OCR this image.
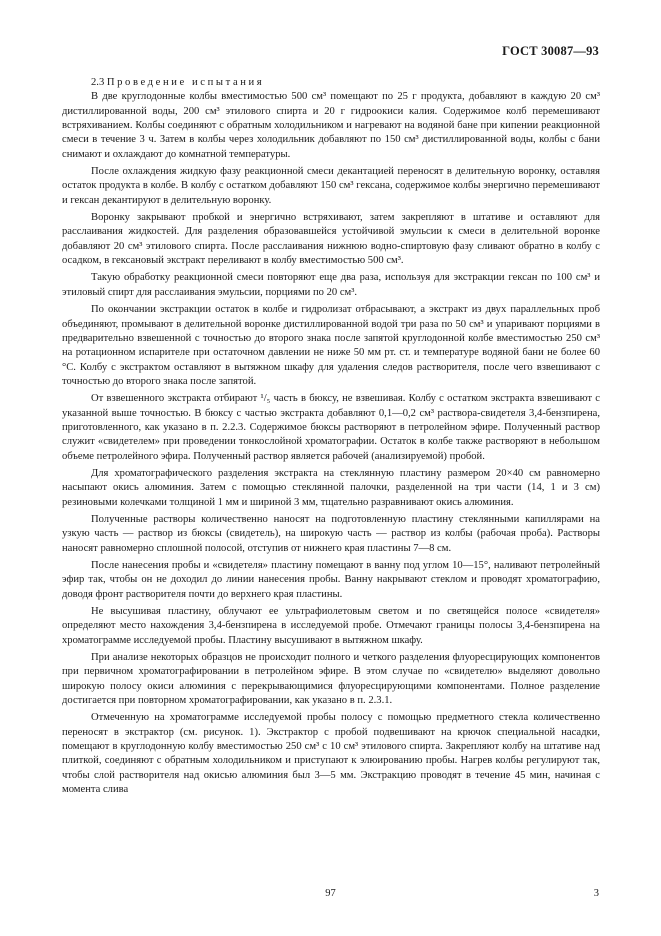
ГОСТ 30087—93

2.3 Проведение испытания

В две круглодонные колбы вместимостью 500 см³ помещают по 25 г продукта, добавляют в каждую 20 см³ дистиллированной воды, 200 см³ этилового спирта и 20 г гидроокиси калия. Содержимое колб перемешивают встряхиванием. Колбы соединяют с обратным холодильником и нагревают на водяной бане при кипении реакционной смеси в течение 3 ч. Затем в колбы через холодильник добавляют по 150 см³ дистиллированной воды, колбы с бани снимают и охлаждают до комнатной температуры.

После охлаждения жидкую фазу реакционной смеси декантацией переносят в делительную воронку, оставляя остаток продукта в колбе. В колбу с остатком добавляют 150 см³ гексана, содержимое колбы энергично перемешивают и гексан декантируют в делительную воронку.

Воронку закрывают пробкой и энергично встряхивают, затем закрепляют в штативе и оставляют для расслаивания жидкостей. Для разделения образовавшейся устойчивой эмульсии к смеси в делительной воронке добавляют 20 см³ этилового спирта. После расслаивания нижнюю водно-спиртовую фазу сливают обратно в колбу с осадком, в гексановый экстракт переливают в колбу вместимостью 500 см³.

Такую обработку реакционной смеси повторяют еще два раза, используя для экстракции гексан по 100 см³ и этиловый спирт для расслаивания эмульсии, порциями по 20 см³.

По окончании экстракции остаток в колбе и гидролизат отбрасывают, а экстракт из двух параллельных проб объединяют, промывают в делительной воронке дистиллированной водой три раза по 50 см³ и упаривают порциями в предварительно взвешенной с точностью до второго знака после запятой круглодонной колбе вместимостью 250 см³ на ротационном испарителе при остаточном давлении не ниже 50 мм рт. ст. и температуре водяной бани не более 60 °С. Колбу с экстрактом оставляют в вытяжном шкафу для удаления следов растворителя, после чего взвешивают с точностью до второго знака после запятой.

От взвешенного экстракта отбирают ¹/₅ часть в бюксу, не взвешивая. Колбу с остатком экстракта взвешивают с указанной выше точностью. В бюксу с частью экстракта добавляют 0,1—0,2 см³ раствора-свидетеля 3,4-бензпирена, приготовленного, как указано в п. 2.2.3. Содержимое бюксы растворяют в петролейном эфире. Полученный раствор служит «свидетелем» при проведении тонкослойной хроматографии. Остаток в колбе также растворяют в небольшом объеме петролейного эфира. Полученный раствор является рабочей (анализируемой) пробой.

Для хроматографического разделения экстракта на стеклянную пластину размером 20×40 см равномерно насыпают окись алюминия. Затем с помощью стеклянной палочки, разделенной на три части (14, 1 и 3 см) резиновыми колечками толщиной 1 мм и шириной 3 мм, тщательно разравнивают окись алюминия.

Полученные растворы количественно наносят на подготовленную пластину стеклянными капиллярами на узкую часть — раствор из бюксы (свидетель), на широкую часть — раствор из колбы (рабочая проба). Растворы наносят равномерно сплошной полосой, отступив от нижнего края пластины 7—8 см.

После нанесения пробы и «свидетеля» пластину помещают в ванну под углом 10—15°, наливают петролейный эфир так, чтобы он не доходил до линии нанесения пробы. Ванну накрывают стеклом и проводят хроматографию, доводя фронт растворителя почти до верхнего края пластины.

Не высушивая пластину, облучают ее ультрафиолетовым светом и по светящейся полосе «свидетеля» определяют место нахождения 3,4-бензпирена в исследуемой пробе. Отмечают границы полосы 3,4-бензпирена на хроматограмме исследуемой пробы. Пластину высушивают в вытяжном шкафу.

При анализе некоторых образцов не происходит полного и четкого разделения флуоресцирующих компонентов при первичном хроматографировании в петролейном эфире. В этом случае по «свидетелю» выделяют довольно широкую полосу окиси алюминия с перекрывающимися флуоресцирующими компонентами. Полное разделение достигается при повторном хроматографировании, как указано в п. 2.3.1.

Отмеченную на хроматограмме исследуемой пробы полосу с помощью предметного стекла количественно переносят в экстрактор (см. рисунок. 1). Экстрактор с пробой подвешивают на крючок специальной насадки, помещают в круглодонную колбу вместимостью 250 см³ с 10 см³ этилового спирта. Закрепляют колбу на штативе над плиткой, соединяют с обратным холодильником и приступают к элюированию пробы. Нагрев колбы регулируют так, чтобы слой растворителя над окисью алюминия был 3—5 мм. Экстракцию проводят в течение 45 мин, начиная с момента слива

97	3
